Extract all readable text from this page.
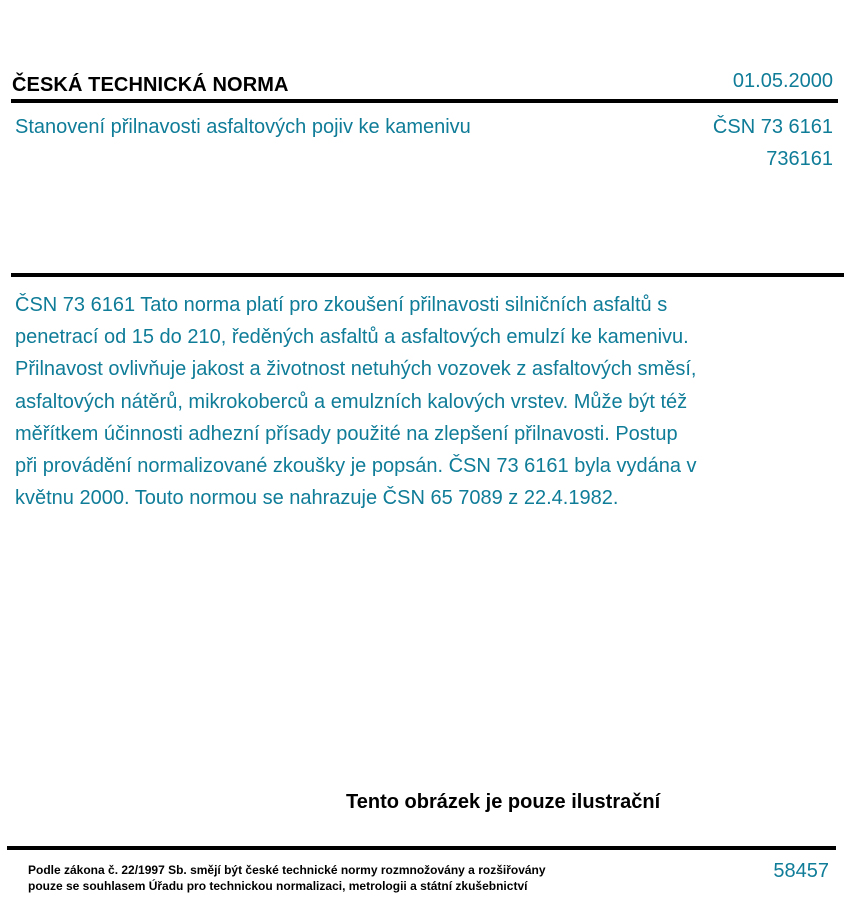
ČESKÁ TECHNICKÁ NORMA	01.05.2000
Stanovení přilnavosti asfaltových pojiv ke kamenivu	ČSN 73 6161
736161
ČSN 73 6161 Tato norma platí pro zkoušení přilnavosti silničních asfaltů s
penetrací od 15 do 210, ředěných asfaltů a asfaltových emulzí ke kamenivu.
Přilnavost ovlivňuje jakost a životnost netuhých vozovek z asfaltových směsí,
asfaltových nátěrů, mikrokoberců a emulzních kalových vrstev. Může být též
měřítkem účinnosti adhezní přísady použité na zlepšení přilnavosti. Postup
při provádění normalizované zkoušky je popsán. ČSN 73 6161 byla vydána v
květnu 2000. Touto normou se nahrazuje ČSN 65 7089 z 22.4.1982.
Tento obrázek je pouze ilustrační
Podle zákona č. 22/1997 Sb. smějí být české technické normy rozmnožovány a rozšiřovány
pouze se souhlasem Úřadu pro technickou normalizaci, metrologii a státní zkušebnictví
58457
